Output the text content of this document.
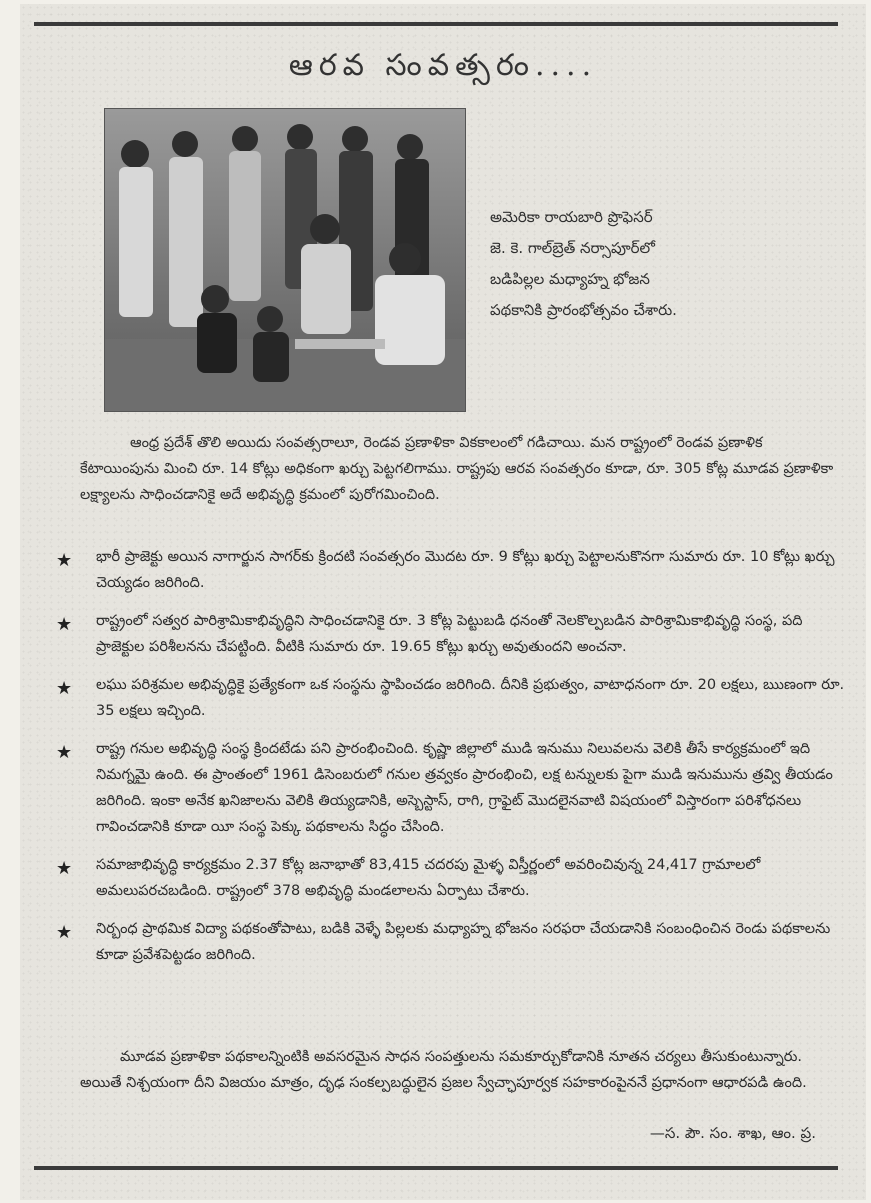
ఆరవ సంవత్సరం....

అమెరికా రాయబారి ప్రొఫెసర్

జె. కె. గాల్‌బ్రెత్ నర్సాపూర్‌లో

బడిపిల్లల మధ్యాహ్న భోజన

పథకానికి ప్రారంభోత్సవం చేశారు.

ఆంధ్ర ప్రదేశ్ తొలి అయిదు సంవత్సరాలూ, రెండవ ప్రణాళికా వికకాలంలో గడిచాయి. మన రాష్ట్రంలో రెండవ ప్రణాళిక కేటాయింపును మించి రూ. 14 కోట్లు అధికంగా ఖర్చు పెట్టగలిగాము. రాష్ట్రపు ఆరవ సంవత్సరం కూడా, రూ. 305 కోట్ల మూడవ ప్రణాళికా లక్ష్యాలను సాధించడానికై అదే అభివృద్ధి క్రమంలో పురోగమించింది.

★ భారీ ప్రాజెక్టు అయిన నాగార్జున సాగర్‌కు క్రిందటి సంవత్సరం మొదట రూ. 9 కోట్లు ఖర్చు పెట్టాలనుకొనగా సుమారు రూ. 10 కోట్లు ఖర్చు చెయ్యడం జరిగింది.
★ రాష్ట్రంలో సత్వర పారిశ్రామికాభివృద్ధిని సాధించడానికై రూ. 3 కోట్ల పెట్టుబడి ధనంతో నెలకొల్పబడిన పారిశ్రామికాభివృద్ధి సంస్థ, పది ప్రాజెక్టుల పరిశీలనను చేపట్టింది. వీటికి సుమారు రూ. 19.65 కోట్లు ఖర్చు అవుతుందని అంచనా.
★ లఘు పరిశ్రమల అభివృద్ధికై ప్రత్యేకంగా ఒక సంస్థను స్థాపించడం జరిగింది. దీనికి ప్రభుత్వం, వాటాధనంగా రూ. 20 లక్షలు, ఋణంగా రూ. 35 లక్షలు ఇచ్చింది.
★ రాష్ట్ర గనుల అభివృద్ధి సంస్థ క్రిందటేడు పని ప్రారంభించింది. కృష్ణా జిల్లాలో ముడి ఇనుము నిలువలను వెలికి తీసే కార్యక్రమంలో ఇది నిమగ్నమై ఉంది. ఈ ప్రాంతంలో 1961 డిసెంబరులో గనుల త్రవ్వకం ప్రారంభించి, లక్ష టన్నులకు పైగా ముడి ఇనుమును త్రవ్వి తీయడం జరిగింది. ఇంకా అనేక ఖనిజాలను వెలికి తియ్యడానికి, అస్బెస్టాస్, రాగి, గ్రాఫైట్ మొదలైనవాటి విషయంలో విస్తారంగా పరిశోధనలు గావించడానికి కూడా యీ సంస్థ పెక్కు పథకాలను సిద్ధం చేసింది.
★ సమాజాభివృద్ధి కార్యక్రమం 2.37 కోట్ల జనాభాతో 83,415 చదరపు మైళ్ళ విస్తీర్ణంలో అవరించివున్న 24,417 గ్రామాలలో అమలుపరచబడింది. రాష్ట్రంలో 378 అభివృద్ధి మండలాలను ఏర్పాటు చేశారు.
★ నిర్బంధ ప్రాథమిక విద్యా పథకంతోపాటు, బడికి వెళ్ళే పిల్లలకు మధ్యాహ్న భోజనం సరఫరా చేయడానికి సంబంధించిన రెండు పథకాలను కూడా ప్రవేశపెట్టడం జరిగింది.

మూడవ ప్రణాళికా పథకాలన్నింటికి అవసరమైన సాధన సంపత్తులను సమకూర్చుకోడానికి నూతన చర్యలు తీసుకుంటున్నారు. అయితే నిశ్చయంగా దీని విజయం మాత్రం, దృఢ సంకల్పబద్ధులైన ప్రజల స్వేచ్ఛాపూర్వక సహకారంపైననే ప్రధానంగా ఆధారపడి ఉంది.

—స. పౌ. సం. శాఖ, ఆం. ప్ర.
